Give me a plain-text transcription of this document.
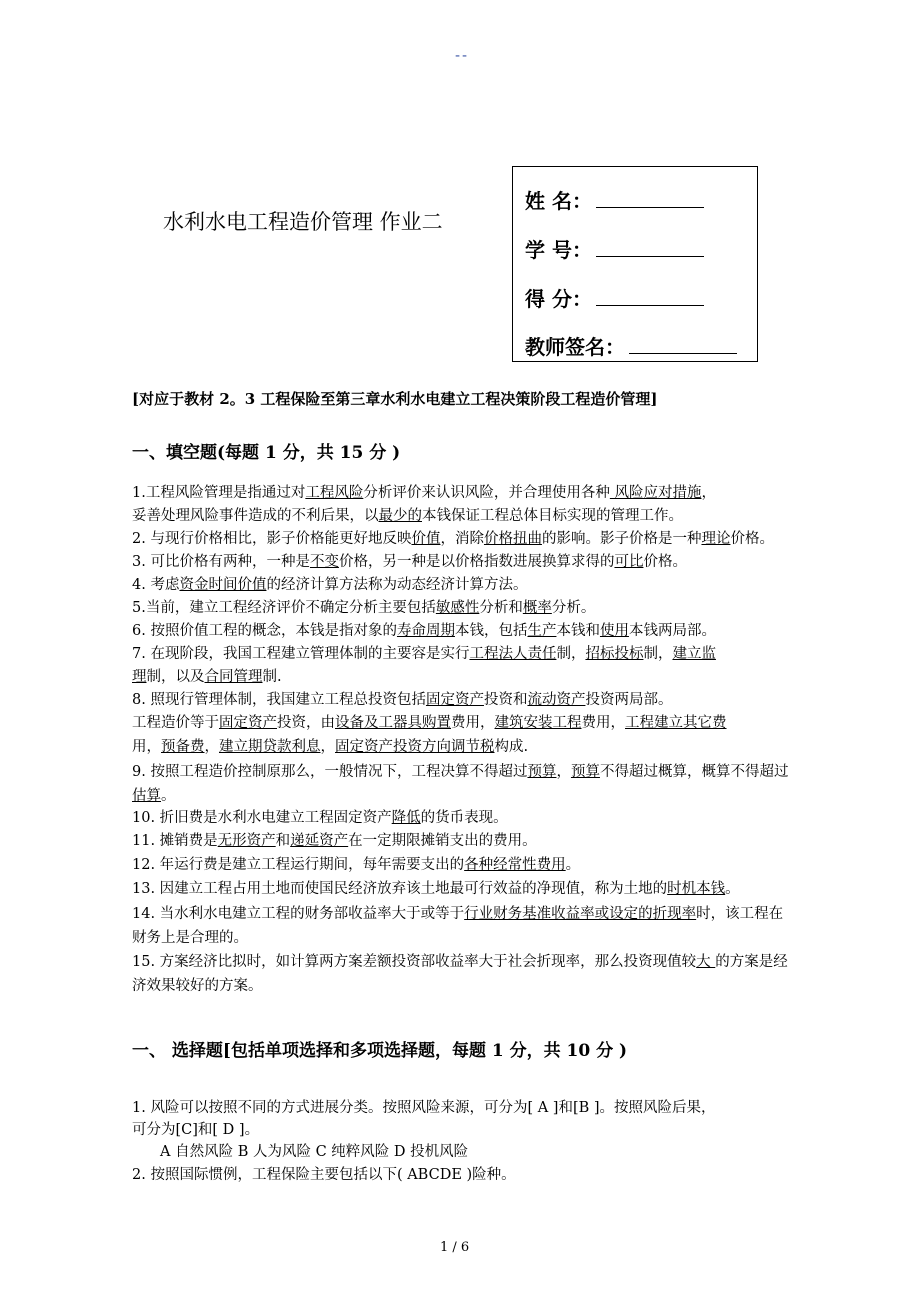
--
水利水电工程造价管理 作业二
姓 名：
学 号：
得 分：
教师签名：
[对应于教材 2。3 工程保险至第三章水利水电建立工程决策阶段工程造价管理]
一、填空题(每题 1 分，共 15 分 )
1.工程风险管理是指通过对工程风险分析评价来认识风险，并合理使用各种 风险应对措施，
妥善处理风险事件造成的不利后果，以最少的本钱保证工程总体目标实现的管理工作。
2. 与现行价格相比，影子价格能更好地反映价值，消除价格扭曲的影响。影子价格是一种理论价格。
3. 可比价格有两种，一种是不变价格，另一种是以价格指数进展换算求得的可比价格。
4. 考虑资金时间价值的经济计算方法称为动态经济计算方法。
5.当前，建立工程经济评价不确定分析主要包括敏感性分析和概率分析。
6. 按照价值工程的概念，本钱是指对象的寿命周期本钱，包括生产本钱和使用本钱两局部。
7. 在现阶段，我国工程建立管理体制的主要容是实行工程法人责任制，招标投标制，建立监
理制，以及合同管理制.
8. 照现行管理体制，我国建立工程总投资包括固定资产投资和流动资产投资两局部。
工程造价等于固定资产投资，由设备及工器具购置费用，建筑安装工程费用，工程建立其它费
用，预备费，建立期贷款利息，固定资产投资方向调节税构成.
9. 按照工程造价控制原那么，一般情况下，工程决算不得超过预算，预算不得超过概算，概算不得超过
估算。
10. 折旧费是水利水电建立工程固定资产降低的货币表现。
11. 摊销费是无形资产和递延资产在一定期限摊销支出的费用。
12. 年运行费是建立工程运行期间，每年需要支出的各种经常性费用。
13. 因建立工程占用土地而使国民经济放弃该土地最可行效益的净现值，称为土地的时机本钱。
14. 当水利水电建立工程的财务部收益率大于或等于行业财务基准收益率或设定的折现率时，该工程在
财务上是合理的。
15. 方案经济比拟时，如计算两方案差额投资部收益率大于社会折现率，那么投资现值较大 的方案是经
济效果较好的方案。
一、 选择题[包括单项选择和多项选择题，每题 1 分，共 10 分 )
1. 风险可以按照不同的方式进展分类。按照风险来源，可分为[ A ]和[B ]。按照风险后果，
可分为[C]和[ D ]。
A 自然风险 B 人为风险 C 纯粹风险 D 投机风险
2. 按照国际惯例，工程保险主要包括以下( ABCDE )险种。
1 / 6
